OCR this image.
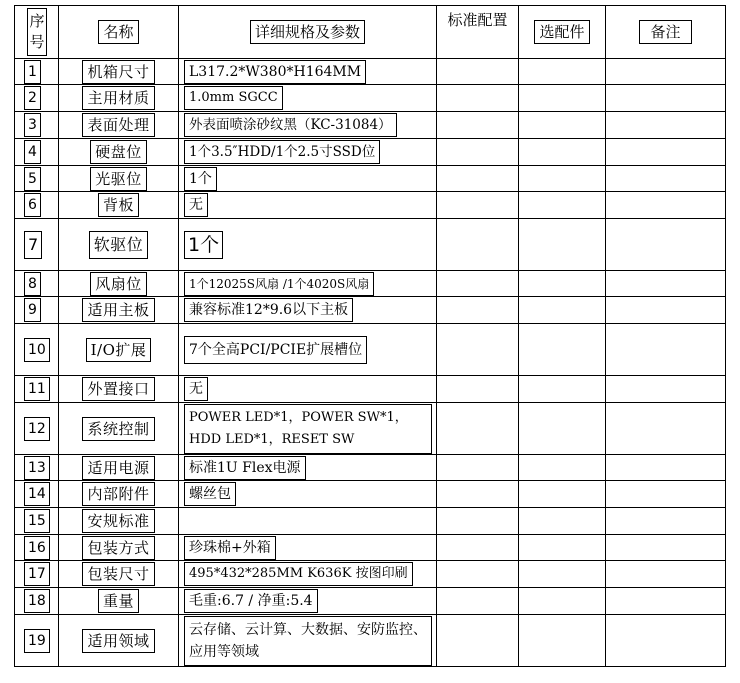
序号	名称	详细规格及参数	标准配置	选配件	备注
1	机箱尺寸	L317.2*W380*H164MM			
2	主用材质	1.0mm SGCC			
3	表面处理	外表面喷涂砂纹黑（KC-31084）			
4	硬盘位	1个3.5″HDD/1个2.5寸SSD位			
5	光驱位	1个			
6	背板	无			
7	软驱位	1个			
8	风扇位	1个12025S风扇 /1个4020S风扇			
9	适用主板	兼容标准12*9.6以下主板			
10	I/O扩展	7个全高PCI/PCIE扩展槽位			
11	外置接口	无			
12	系统控制	POWER LED*1，POWER SW*1，HDD LED*1，RESET SW			

13	适用电源	标准1U Flex电源			
14	内部附件	螺丝包			
15	安规标准				
16	包装方式	珍珠棉+外箱			
17	包装尺寸	495*432*285MM K636K 按图印刷			
18	重量	毛重:6.7 / 净重:5.4			
19	适用领域	云存储、云计算、大数据、安防监控、应用等领域			
